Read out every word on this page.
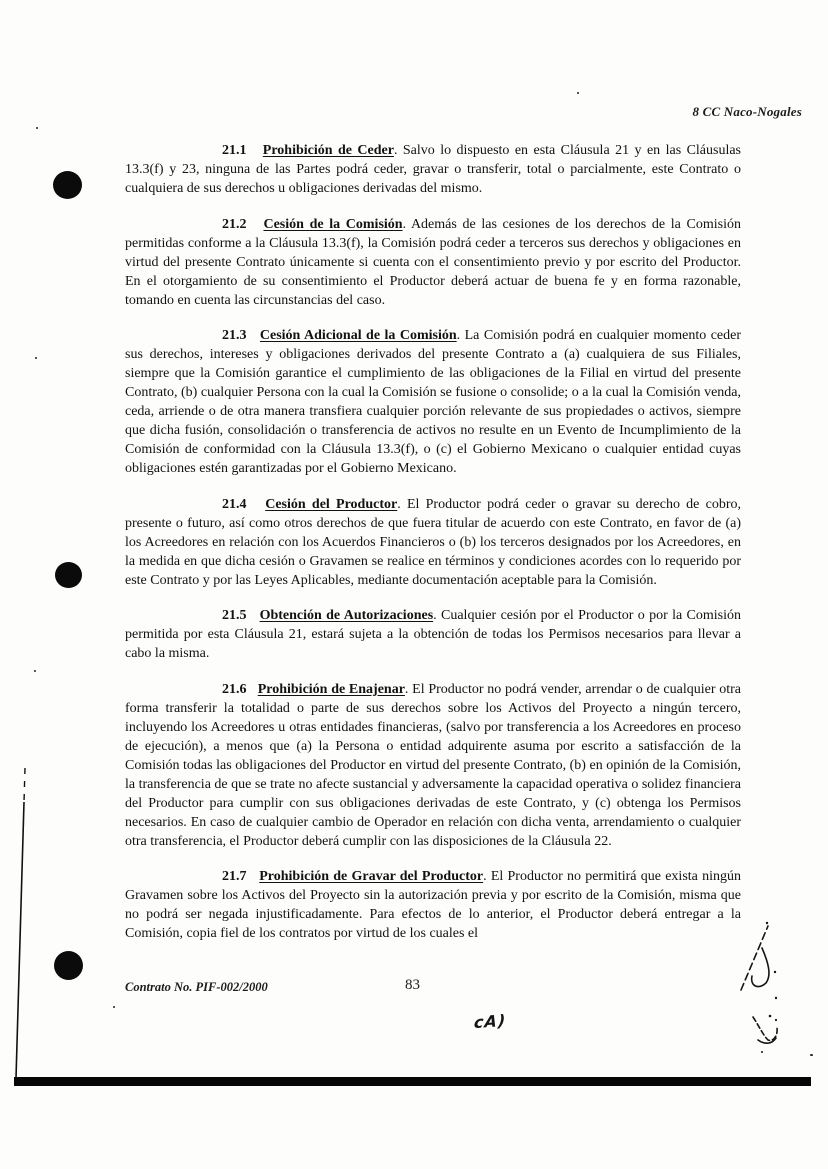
8 CC Naco-Nogales

21.1 Prohibición de Ceder. Salvo lo dispuesto en esta Cláusula 21 y en las Cláusulas 13.3(f) y 23, ninguna de las Partes podrá ceder, gravar o transferir, total o parcialmente, este Contrato o cualquiera de sus derechos u obligaciones derivadas del mismo.

21.2 Cesión de la Comisión. Además de las cesiones de los derechos de la Comisión permitidas conforme a la Cláusula 13.3(f), la Comisión podrá ceder a terceros sus derechos y obligaciones en virtud del presente Contrato únicamente si cuenta con el consentimiento previo y por escrito del Productor. En el otorgamiento de su consentimiento el Productor deberá actuar de buena fe y en forma razonable, tomando en cuenta las circunstancias del caso.

21.3 Cesión Adicional de la Comisión. La Comisión podrá en cualquier momento ceder sus derechos, intereses y obligaciones derivados del presente Contrato a (a) cualquiera de sus Filiales, siempre que la Comisión garantice el cumplimiento de las obligaciones de la Filial en virtud del presente Contrato, (b) cualquier Persona con la cual la Comisión se fusione o consolide; o a la cual la Comisión venda, ceda, arriende o de otra manera transfiera cualquier porción relevante de sus propiedades o activos, siempre que dicha fusión, consolidación o transferencia de activos no resulte en un Evento de Incumplimiento de la Comisión de conformidad con la Cláusula 13.3(f), o (c) el Gobierno Mexicano o cualquier entidad cuyas obligaciones estén garantizadas por el Gobierno Mexicano.

21.4 Cesión del Productor. El Productor podrá ceder o gravar su derecho de cobro, presente o futuro, así como otros derechos de que fuera titular de acuerdo con este Contrato, en favor de (a) los Acreedores en relación con los Acuerdos Financieros o (b) los terceros designados por los Acreedores, en la medida en que dicha cesión o Gravamen se realice en términos y condiciones acordes con lo requerido por este Contrato y por las Leyes Aplicables, mediante documentación aceptable para la Comisión.

21.5 Obtención de Autorizaciones. Cualquier cesión por el Productor o por la Comisión permitida por esta Cláusula 21, estará sujeta a la obtención de todas los Permisos necesarios para llevar a cabo la misma.

21.6 Prohibición de Enajenar. El Productor no podrá vender, arrendar o de cualquier otra forma transferir la totalidad o parte de sus derechos sobre los Activos del Proyecto a ningún tercero, incluyendo los Acreedores u otras entidades financieras, (salvo por transferencia a los Acreedores en proceso de ejecución), a menos que (a) la Persona o entidad adquirente asuma por escrito a satisfacción de la Comisión todas las obligaciones del Productor en virtud del presente Contrato, (b) en opinión de la Comisión, la transferencia de que se trate no afecte sustancial y adversamente la capacidad operativa o solidez financiera del Productor para cumplir con sus obligaciones derivadas de este Contrato, y (c) obtenga los Permisos necesarios. En caso de cualquier cambio de Operador en relación con dicha venta, arrendamiento o cualquier otra transferencia, el Productor deberá cumplir con las disposiciones de la Cláusula 22.

21.7 Prohibición de Gravar del Productor. El Productor no permitirá que exista ningún Gravamen sobre los Activos del Proyecto sin la autorización previa y por escrito de la Comisión, misma que no podrá ser negada injustificadamente. Para efectos de lo anterior, el Productor deberá entregar a la Comisión, copia fiel de los contratos por virtud de los cuales el

Contrato No. PIF-002/2000	83
cA)
